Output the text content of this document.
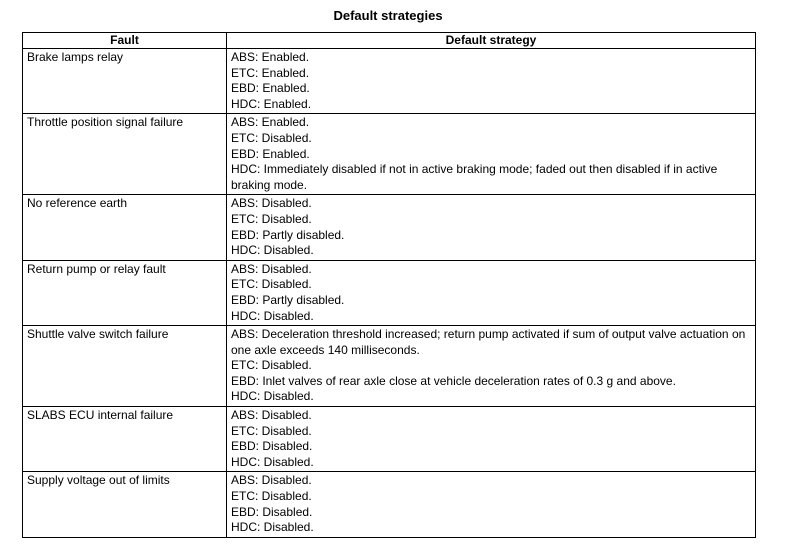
Default strategies
Fault	Default strategy
Brake lamps relay	ABS: Enabled.
ETC: Enabled.
EBD: Enabled.
HDC: Enabled.

Throttle position signal failure	ABS: Enabled.
ETC: Disabled.
EBD: Enabled.
HDC: Immediately disabled if not in active braking mode; faded out then disabled if in active braking mode.

No reference earth	ABS: Disabled.
ETC: Disabled.
EBD: Partly disabled.
HDC: Disabled.

Return pump or relay fault	ABS: Disabled.
ETC: Disabled.
EBD: Partly disabled.
HDC: Disabled.

Shuttle valve switch failure	ABS: Deceleration threshold increased; return pump activated if sum of output valve actuation on one axle exceeds 140 milliseconds.
ETC: Disabled.
EBD: Inlet valves of rear axle close at vehicle deceleration rates of 0.3 g and above.
HDC: Disabled.

SLABS ECU internal failure	ABS: Disabled.
ETC: Disabled.
EBD: Disabled.
HDC: Disabled.

Supply voltage out of limits	ABS: Disabled.
ETC: Disabled.
EBD: Disabled.
HDC: Disabled.
